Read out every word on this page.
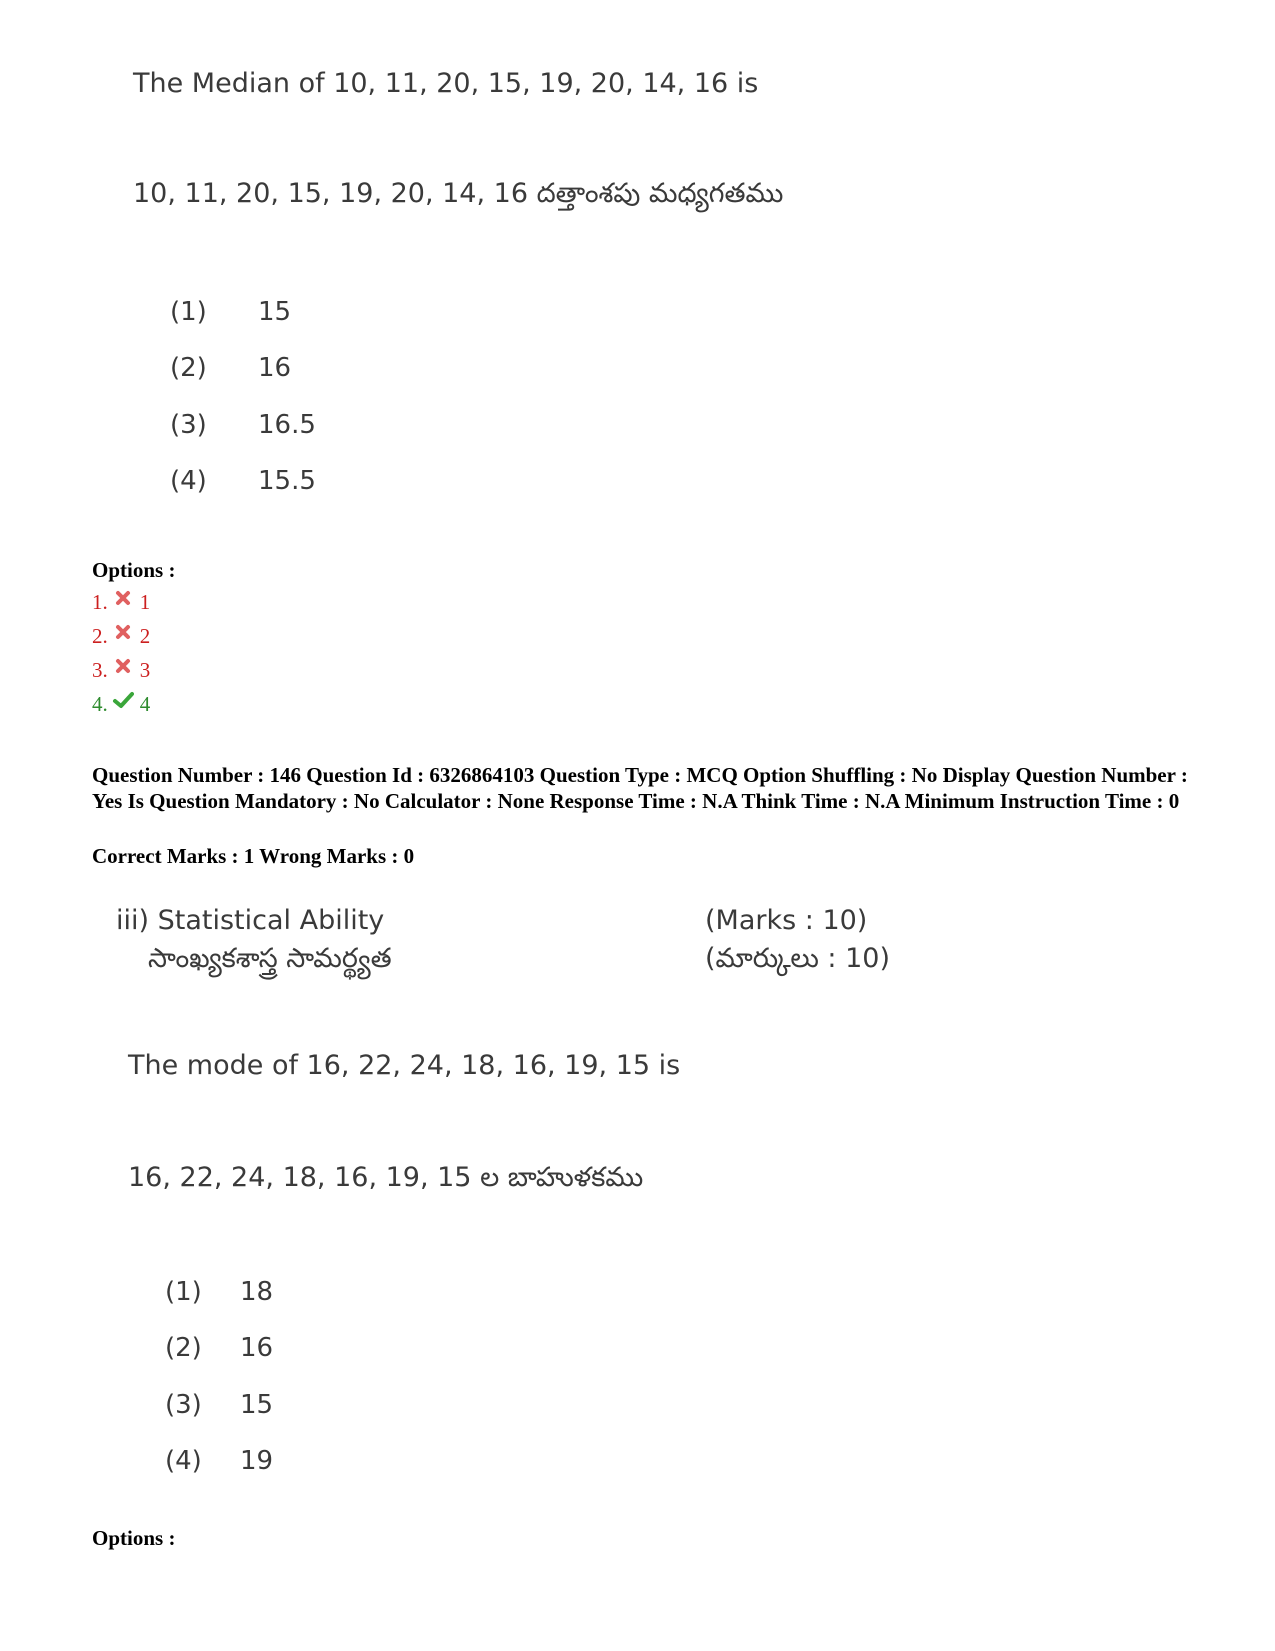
The Median of 10, 11, 20, 15, 19, 20, 14, 16 is
10, 11, 20, 15, 19, 20, 14, 16 దత్తాంశపు మధ్యగతము
(1) 15
(2) 16
(3) 16.5
(4) 15.5
Options :
1. 1
2. 2
3. 3
4. 4
Question Number : 146 Question Id : 6326864103 Question Type : MCQ Option Shuffling : No Display Question Number : Yes Is Question Mandatory : No Calculator : None Response Time : N.A Think Time : N.A Minimum Instruction Time : 0
Correct Marks : 1 Wrong Marks : 0
iii) Statistical Ability
సాంఖ్యకశాస్త్ర సామర్థ్యత
(Marks : 10)
(మార్కులు : 10)
The mode of 16, 22, 24, 18, 16, 19, 15 is
16, 22, 24, 18, 16, 19, 15 ల బాహుళకము
(1) 18
(2) 16
(3) 15
(4) 19
Options :
